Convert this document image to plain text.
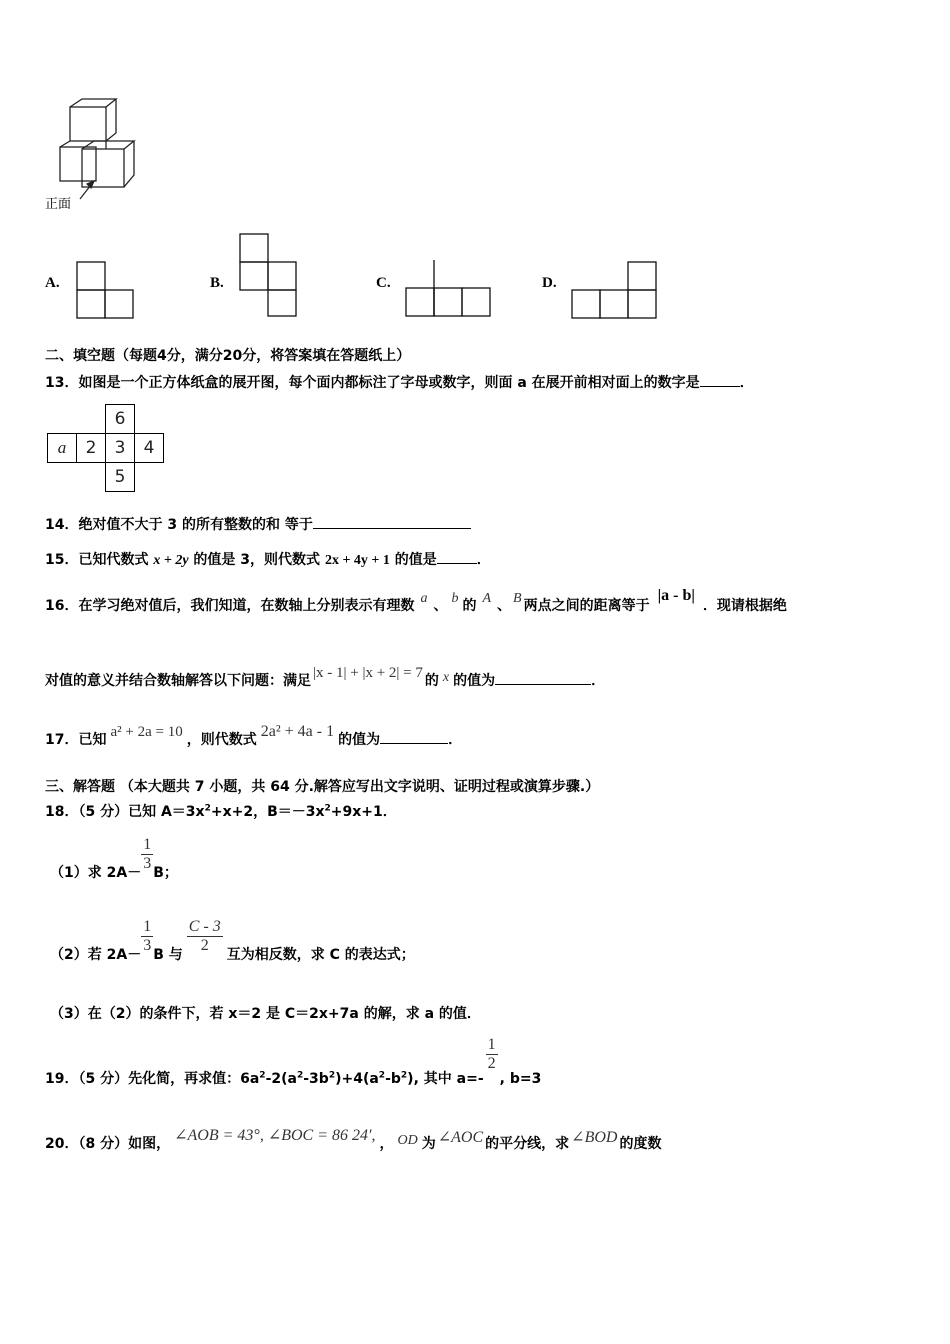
正面
A.	B.	C.	D.
二、填空题（每题4分，满分20分，将答案填在答题纸上）
13．如图是一个正方体纸盒的展开图，每个面内都标注了字母或数字，则面 a 在展开前相对面上的数字是	．
		6	
a	2	3	4
		5	
14．绝对值不大于 3 的所有整数的和 等于
15．已知代数式 x + 2y 的值是 3，则代数式 2x + 4y + 1 的值是	．
16．在学习绝对值后，我们知道，在数轴上分别表示有理数 a 、 b 的 A 、 B 两点之间的距离等于|a - b|．现请根据绝
对值的意义并结合数轴解答以下问题：满足 |x - 1| + |x + 2| = 7 的 x 的值为	．
17．已知 a² + 2a = 10 ，则代数式 2a² + 4a - 1 的值为	．
三、解答题 （本大题共 7 小题，共 64 分.解答应写出文字说明、证明过程或演算步骤.）
18．（5 分）已知 $A=3x^2+x+2$，$B=-3x^2+9x+1$．
（1）求 $2A- \frac{1}{3}$ B；
（2）若 $2A- \frac{1}{3}$ B 与 $\frac{C - 3}{2}$ 互为相反数，求 C 的表达式；
（3）在（2）的条件下，若 x＝2 是 C＝2x+7a 的解，求 a 的值．
19．（5 分）先化简，再求值：$6a^2-2(a^2-3b^2)+4(a^2-b^2)$, 其中 a=-
$\frac{1}{2}$
, b=3
20．（8 分）如图， ∠AOB = 43°, ∠BOC = 86 24′, ， OD 为 ∠AOC 的平分线，求 ∠BOD 的度数
